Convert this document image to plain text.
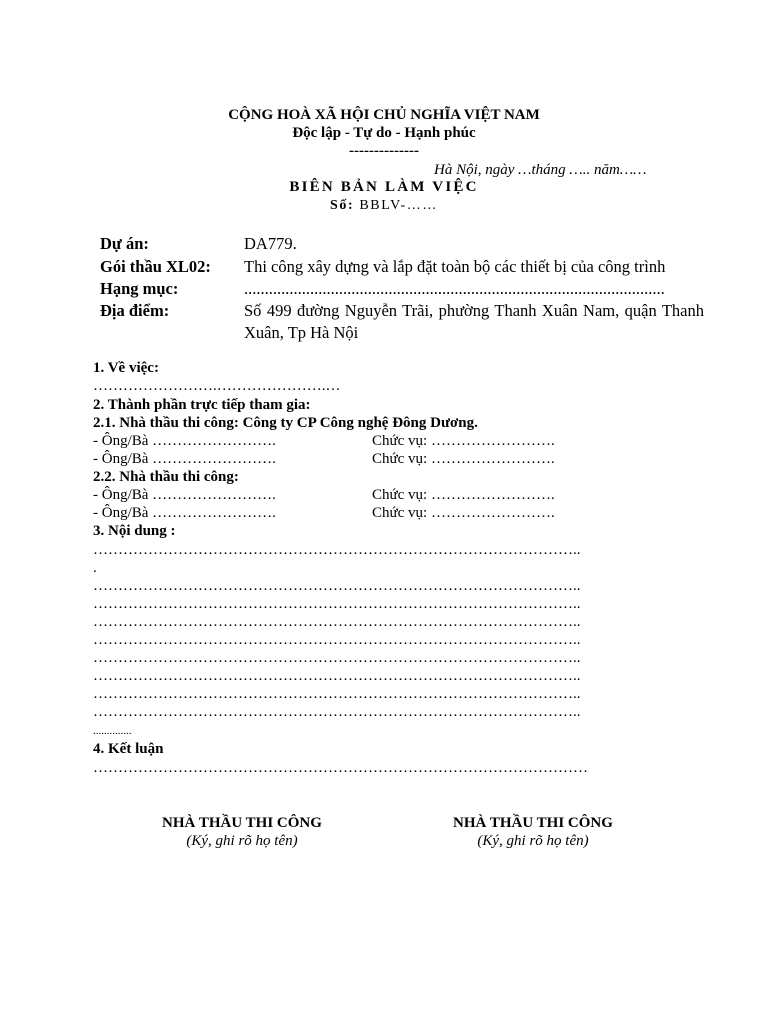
CỘNG HOÀ XÃ HỘI CHỦ NGHĨA VIỆT NAM
Độc lập - Tự do - Hạnh phúc
--------------
Hà Nội, ngày …tháng ….. năm……
BIÊN BẢN LÀM VIỆC
Số: BBLV-……
Dự án:	DA779.
Gói thầu XL02: Thi công xây dựng và lắp đặt toàn bộ các thiết bị của công trình
Hạng mục:	......................................................................................................
Địa điểm:	Số 499 đường Nguyễn Trãi, phường Thanh Xuân Nam, quận Thanh Xuân, Tp Hà Nội
1. Về việc:
…………………….………………….…
2. Thành phần trực tiếp tham gia:
2.1. Nhà thầu thi công: Công ty CP Công nghệ Đông Dương.
- Ông/Bà …………………….	Chức vụ: …………………….
- Ông/Bà …………………….	Chức vụ: …………………….
2.2. Nhà thầu thi công:
- Ông/Bà …………………….	Chức vụ: …………………….
- Ông/Bà …………………….	Chức vụ: …………………….
3. Nội dung :
……………………………………………………………………………………..
.
……………………………………………………………………………………..
……………………………………………………………………………………..
……………………………………………………………………………………..
……………………………………………………………………………………..
……………………………………………………………………………………..
……………………………………………………………………………………..
……………………………………………………………………………………..
……………………………………………………………………………………..
..............
4. Kết luận
………………………………………………………………………………………
NHÀ THẦU THI CÔNG
(Ký, ghi rõ họ tên)
NHÀ THẦU THI CÔNG
(Ký, ghi rõ họ tên)
